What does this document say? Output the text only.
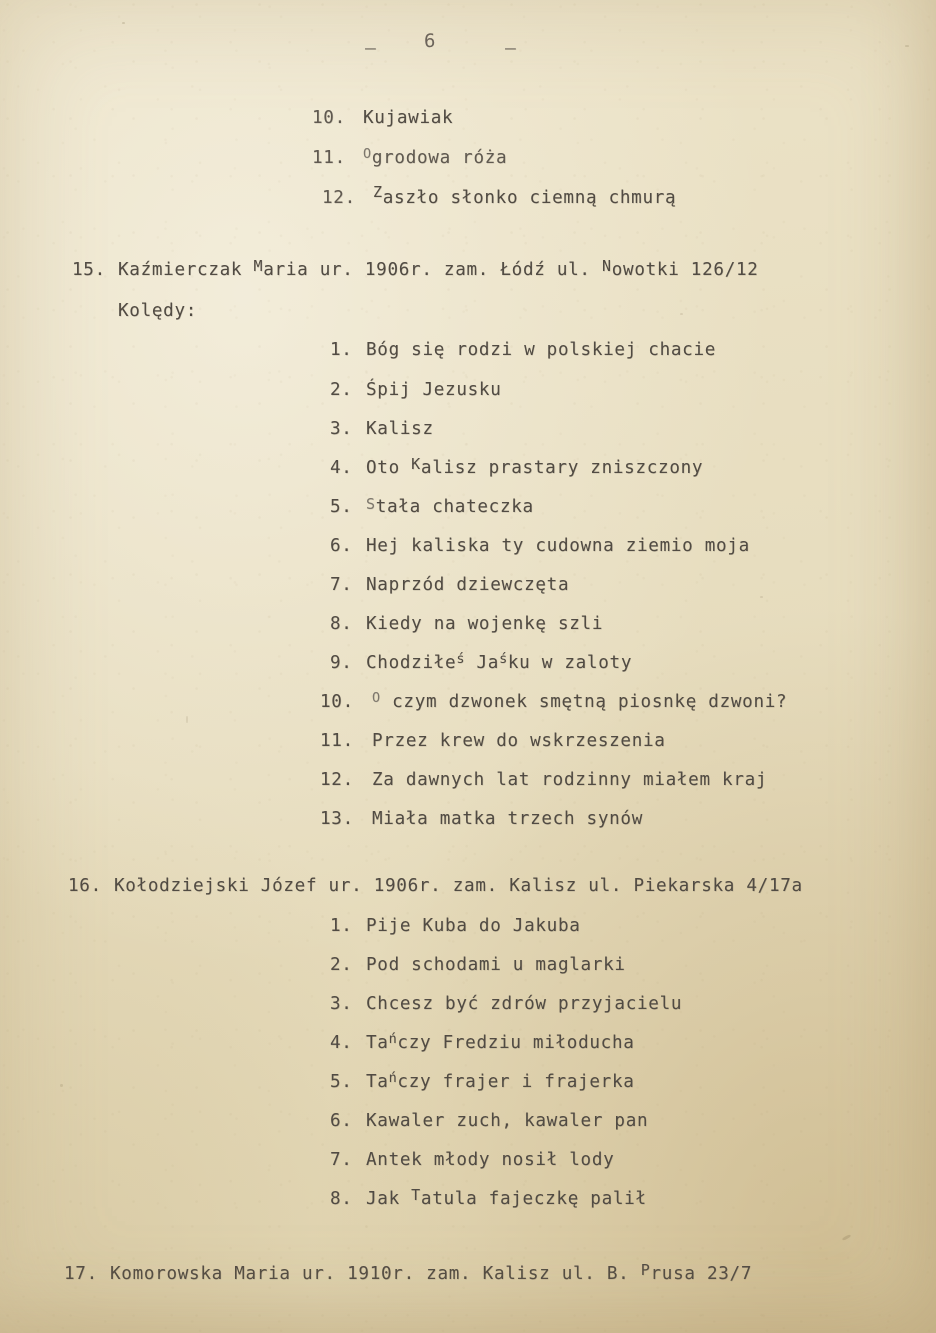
— 6	—
10. Kujawiak
11. Ogrodowa róża
12. Zaszło słonko ciemną chmurą
15. Kaźmierczak Maria ur. 1906r. zam. Łódź ul. Nowotki 126/12
Kolędy:
1. Bóg się rodzi w polskiej chacie
2. Śpij Jezusku
3. Kalisz
4. Oto Kalisz prastary zniszczony
5. Stała chateczka
6. Hej kaliska ty cudowna ziemio moja
7. Naprzód dziewczęta
8. Kiedy na wojenkę szli
9. Chodziłeś Jaśku w zaloty
10. O czym dzwonek smętną piosnkę dzwoni?
11. Przez krew do wskrzeszenia
12. Za dawnych lat rodzinny miałem kraj
13. Miała matka trzech synów
16. Kołodziejski Józef ur. 1906r. zam. Kalisz ul. Piekarska 4/17a
1. Pije Kuba do Jakuba
2. Pod schodami u maglarki
3. Chcesz być zdrów przyjacielu
4. Tańczy Fredziu miłoducha
5. Tańczy frajer i frajerka
6. Kawaler zuch, kawaler pan
7. Antek młody nosił lody
8. Jak Tatula fajeczkę palił
17. Komorowska Maria ur. 1910r. zam. Kalisz ul. B. Prusa 23/7
